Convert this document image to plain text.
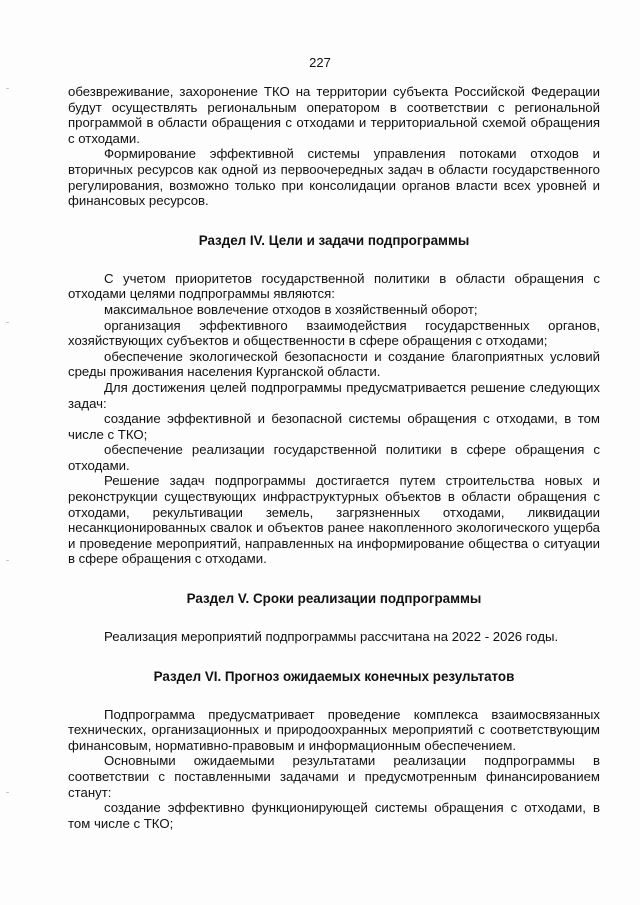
227

обезвреживание, захоронение ТКО на территории субъекта Российской Федерации будут осуществлять региональным оператором в соответствии с региональной программой в области обращения с отходами и территориальной схемой обращения с отходами.

Формирование эффективной системы управления потоками отходов и вторичных ресурсов как одной из первоочередных задач в области государственного регулирования, возможно только при консолидации органов власти всех уровней и финансовых ресурсов.

Раздел IV. Цели и задачи подпрограммы

С учетом приоритетов государственной политики в области обращения с отходами целями подпрограммы являются:

максимальное вовлечение отходов в хозяйственный оборот;

организация эффективного взаимодействия государственных органов, хозяйствующих субъектов и общественности в сфере обращения с отходами;

обеспечение экологической безопасности и создание благоприятных условий среды проживания населения Курганской области.

Для достижения целей подпрограммы предусматривается решение следующих задач:

создание эффективной и безопасной системы обращения с отходами, в том числе с ТКО;

обеспечение реализации государственной политики в сфере обращения с отходами.

Решение задач подпрограммы достигается путем строительства новых и реконструкции существующих инфраструктурных объектов в области обращения с отходами, рекультивации земель, загрязненных отходами, ликвидации несанкционированных свалок и объектов ранее накопленного экологического ущерба и проведение мероприятий, направленных на информирование общества о ситуации в сфере обращения с отходами.

Раздел V. Сроки реализации подпрограммы

Реализация мероприятий подпрограммы рассчитана на 2022 - 2026 годы.

Раздел VI. Прогноз ожидаемых конечных результатов

Подпрограмма предусматривает проведение комплекса взаимосвязанных технических, организационных и природоохранных мероприятий с соответствующим финансовым, нормативно-правовым и информационным обеспечением.

Основными ожидаемыми результатами реализации подпрограммы в соответствии с поставленными задачами и предусмотренным финансированием станут:

создание эффективно функционирующей системы обращения с отходами, в том числе с ТКО;
